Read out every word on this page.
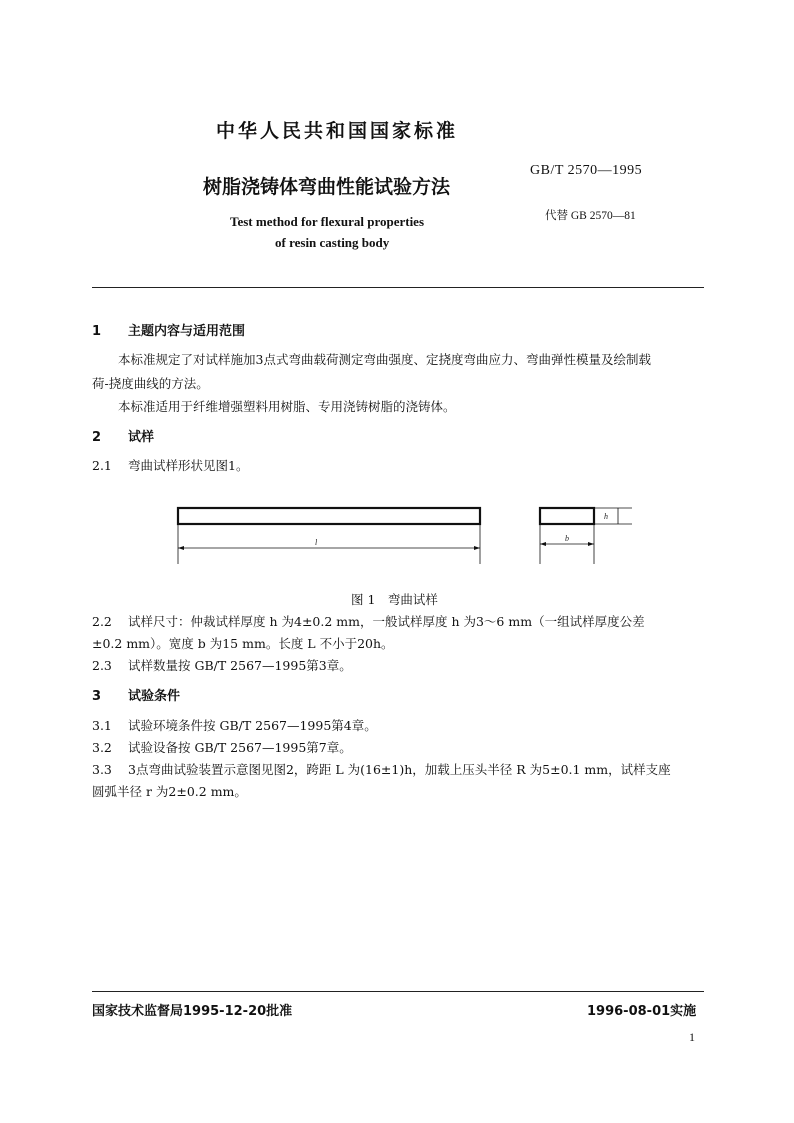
中华人民共和国国家标准
树脂浇铸体弯曲性能试验方法
GB/T 2570—1995
代替 GB 2570—81
Test method for flexural properties
of resin casting body
1 主题内容与适用范围
本标准规定了对试样施加3点式弯曲载荷测定弯曲强度、定挠度弯曲应力、弯曲弹性模量及绘制载
荷-挠度曲线的方法。
本标准适用于纤维增强塑料用树脂、专用浇铸树脂的浇铸体。
2 试样
2.1 弯曲试样形状见图1。
l	b
h
图 1　弯曲试样
2.2 试样尺寸：仲裁试样厚度 h 为4±0.2 mm，一般试样厚度 h 为3～6 mm（一组试样厚度公差
±0.2 mm）。宽度 b 为15 mm。长度 L 不小于20h。
2.3 试样数量按 GB/T 2567—1995第3章。
3 试验条件
3.1 试验环境条件按 GB/T 2567—1995第4章。
3.2 试验设备按 GB/T 2567—1995第7章。
3.3 3点弯曲试验装置示意图见图2，跨距 L 为(16±1)h，加载上压头半径 R 为5±0.1 mm，试样支座
圆弧半径 r 为2±0.2 mm。
国家技术监督局1995-12-20批准	1996-08-01实施
1
